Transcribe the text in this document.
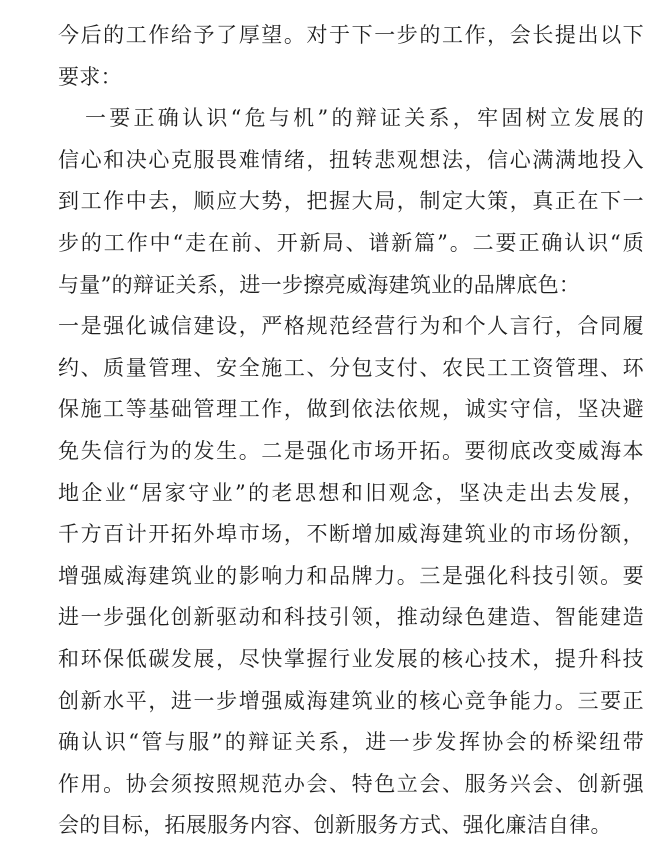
今后的工作给予了厚望。对于下一步的工作，会长提出以下
要求：
一要正确认识“危与机”的辩证关系，牢固树立发展的
信心和决心克服畏难情绪，扭转悲观想法，信心满满地投入
到工作中去，顺应大势，把握大局，制定大策，真正在下一
步的工作中“走在前、开新局、谱新篇”。二要正确认识“质
与量”的辩证关系，进一步擦亮威海建筑业的品牌底色：
一是强化诚信建设，严格规范经营行为和个人言行，合同履
约、质量管理、安全施工、分包支付、农民工工资管理、环
保施工等基础管理工作，做到依法依规，诚实守信，坚决避
免失信行为的发生。二是强化市场开拓。要彻底改变威海本
地企业“居家守业”的老思想和旧观念，坚决走出去发展，
千方百计开拓外埠市场，不断增加威海建筑业的市场份额，
增强威海建筑业的影响力和品牌力。三是强化科技引领。要
进一步强化创新驱动和科技引领，推动绿色建造、智能建造
和环保低碳发展，尽快掌握行业发展的核心技术，提升科技
创新水平，进一步增强威海建筑业的核心竞争能力。三要正
确认识“管与服”的辩证关系，进一步发挥协会的桥梁纽带
作用。协会须按照规范办会、特色立会、服务兴会、创新强
会的目标，拓展服务内容、创新服务方式、强化廉洁自律。
